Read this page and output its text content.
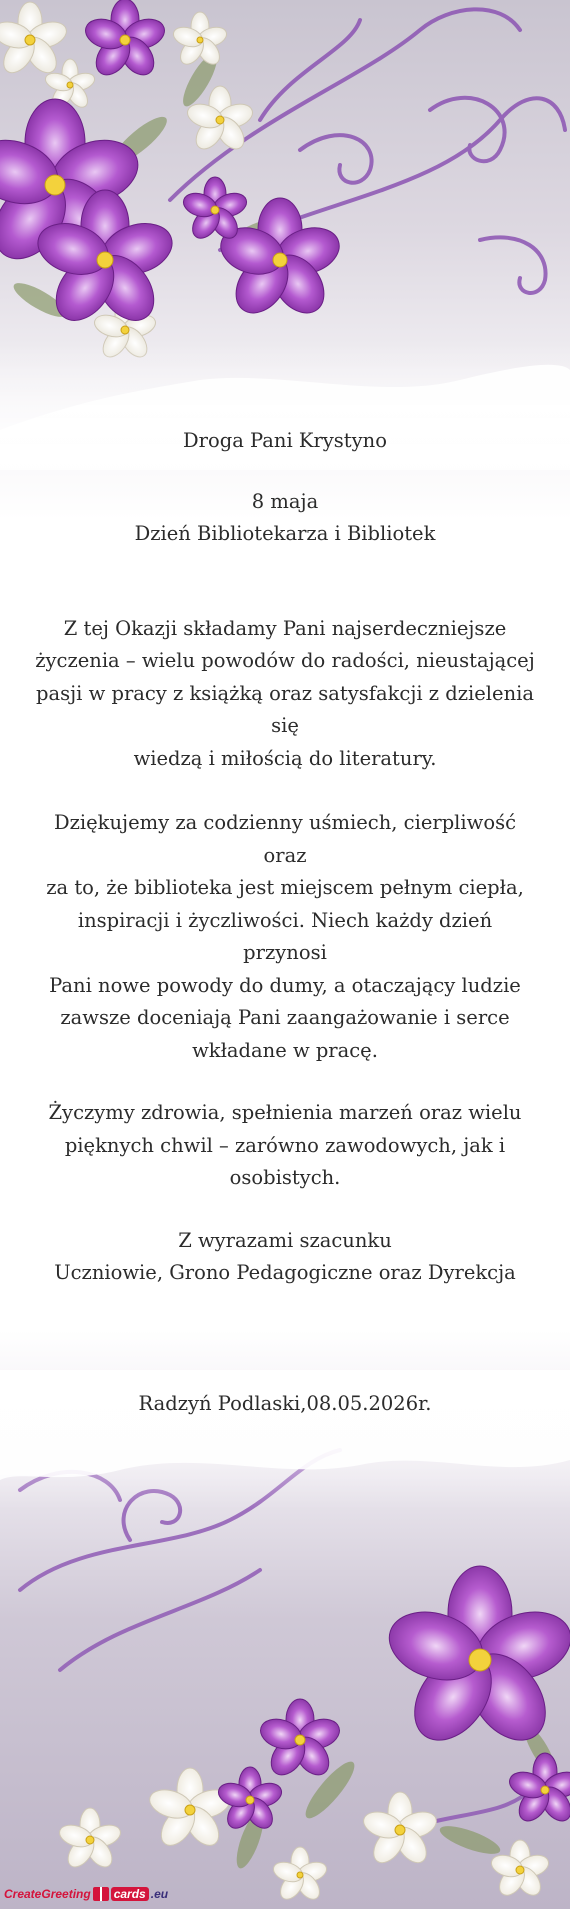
Droga Pani Krystyno

8 maja

Dzień Bibliotekarza i Bibliotek

Z tej Okazji składamy Pani najserdeczniejsze

życzenia – wielu powodów do radości, nieustającej

pasji w pracy z książką oraz satysfakcji z dzielenia się

wiedzą i miłością do literatury.

Dziękujemy za codzienny uśmiech, cierpliwość oraz

za to, że biblioteka jest miejscem pełnym ciepła,

inspiracji i życzliwości. Niech każdy dzień przynosi

Pani nowe powody do dumy, a otaczający ludzie

zawsze doceniają Pani zaangażowanie i serce

wkładane w pracę.

Życzymy zdrowia, spełnienia marzeń oraz wielu

pięknych chwil – zarówno zawodowych, jak i

osobistych.

Z wyrazami szacunku

Uczniowie, Grono Pedagogiczne oraz Dyrekcja

Radzyń Podlaski,08.05.2026r.

CreateGreeting cards .eu
